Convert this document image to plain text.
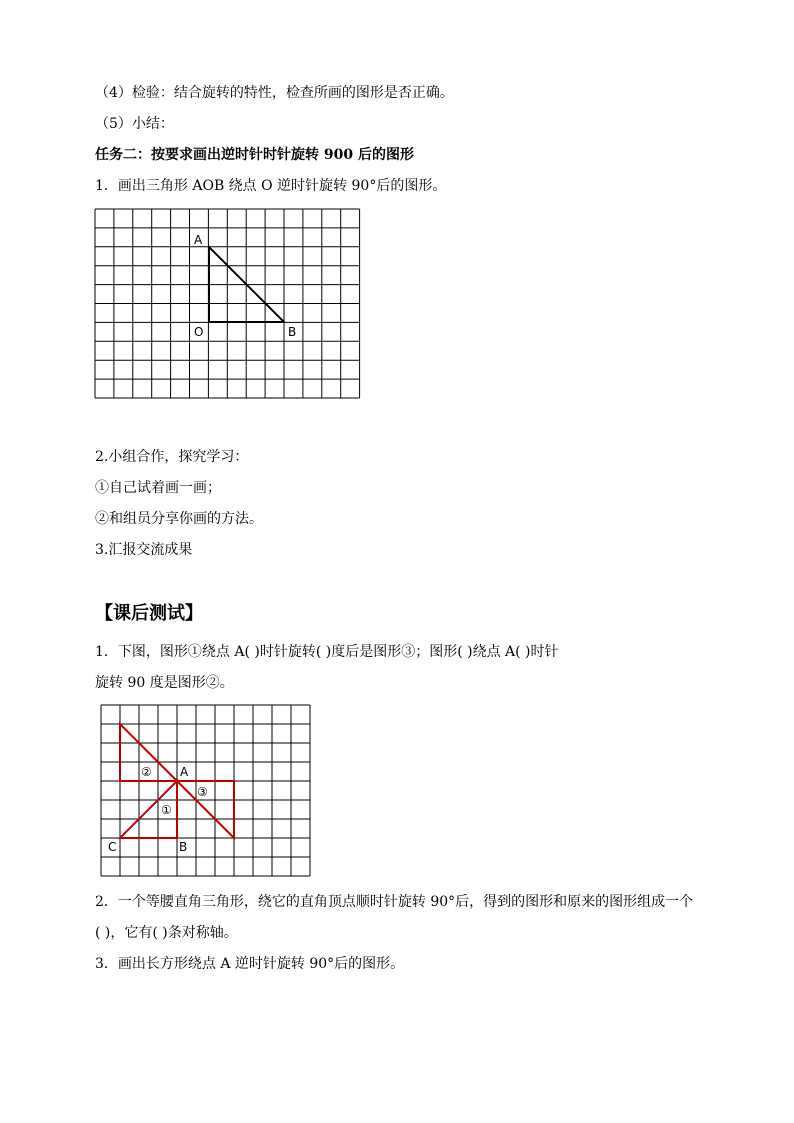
（4）检验：结合旋转的特性，检查所画的图形是否正确。
（5）小结：
任务二：按要求画出逆时针时针旋转 900 后的图形
1．画出三角形 AOB 绕点 O 逆时针旋转 90°后的图形。
A
O	B
2.小组合作，探究学习：
①自己试着画一画；
②和组员分享你画的方法。
3.汇报交流成果
【课后测试】
1．下图，图形①绕点 A( )时针旋转( )度后是图形③；图形( )绕点 A( )时针
旋转 90 度是图形②。
② A
③
①
C	B
2．一个等腰直角三角形，绕它的直角顶点顺时针旋转 90°后，得到的图形和原来的图形组成一个
( )，它有( )条对称轴。
3．画出长方形绕点 A 逆时针旋转 90°后的图形。
